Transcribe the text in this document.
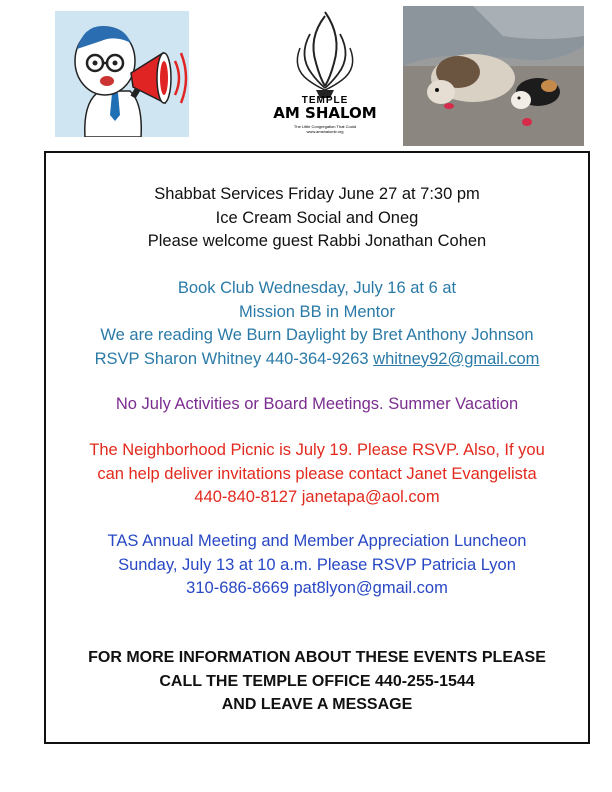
TEMPLE
AM SHALOM
The Little Congregation That Could
www.amshalomlr.org

Shabbat Services Friday June 27 at 7:30 pm

Ice Cream Social and Oneg

Please welcome guest Rabbi Jonathan Cohen

Book Club Wednesday, July 16 at 6 at

Mission BB in Mentor

We are reading We Burn Daylight by Bret Anthony Johnson

RSVP Sharon Whitney 440-364-9263 whitney92@gmail.com

No July Activities or Board Meetings. Summer Vacation

The Neighborhood Picnic is July 19. Please RSVP. Also, If you

can help deliver invitations please contact Janet Evangelista

440-840-8127 janetapa@aol.com

TAS Annual Meeting and Member Appreciation Luncheon

Sunday, July 13 at 10 a.m. Please RSVP Patricia Lyon

310-686-8669 pat8lyon@gmail.com

FOR MORE INFORMATION ABOUT THESE EVENTS PLEASE

CALL THE TEMPLE OFFICE 440-255-1544

AND LEAVE A MESSAGE
